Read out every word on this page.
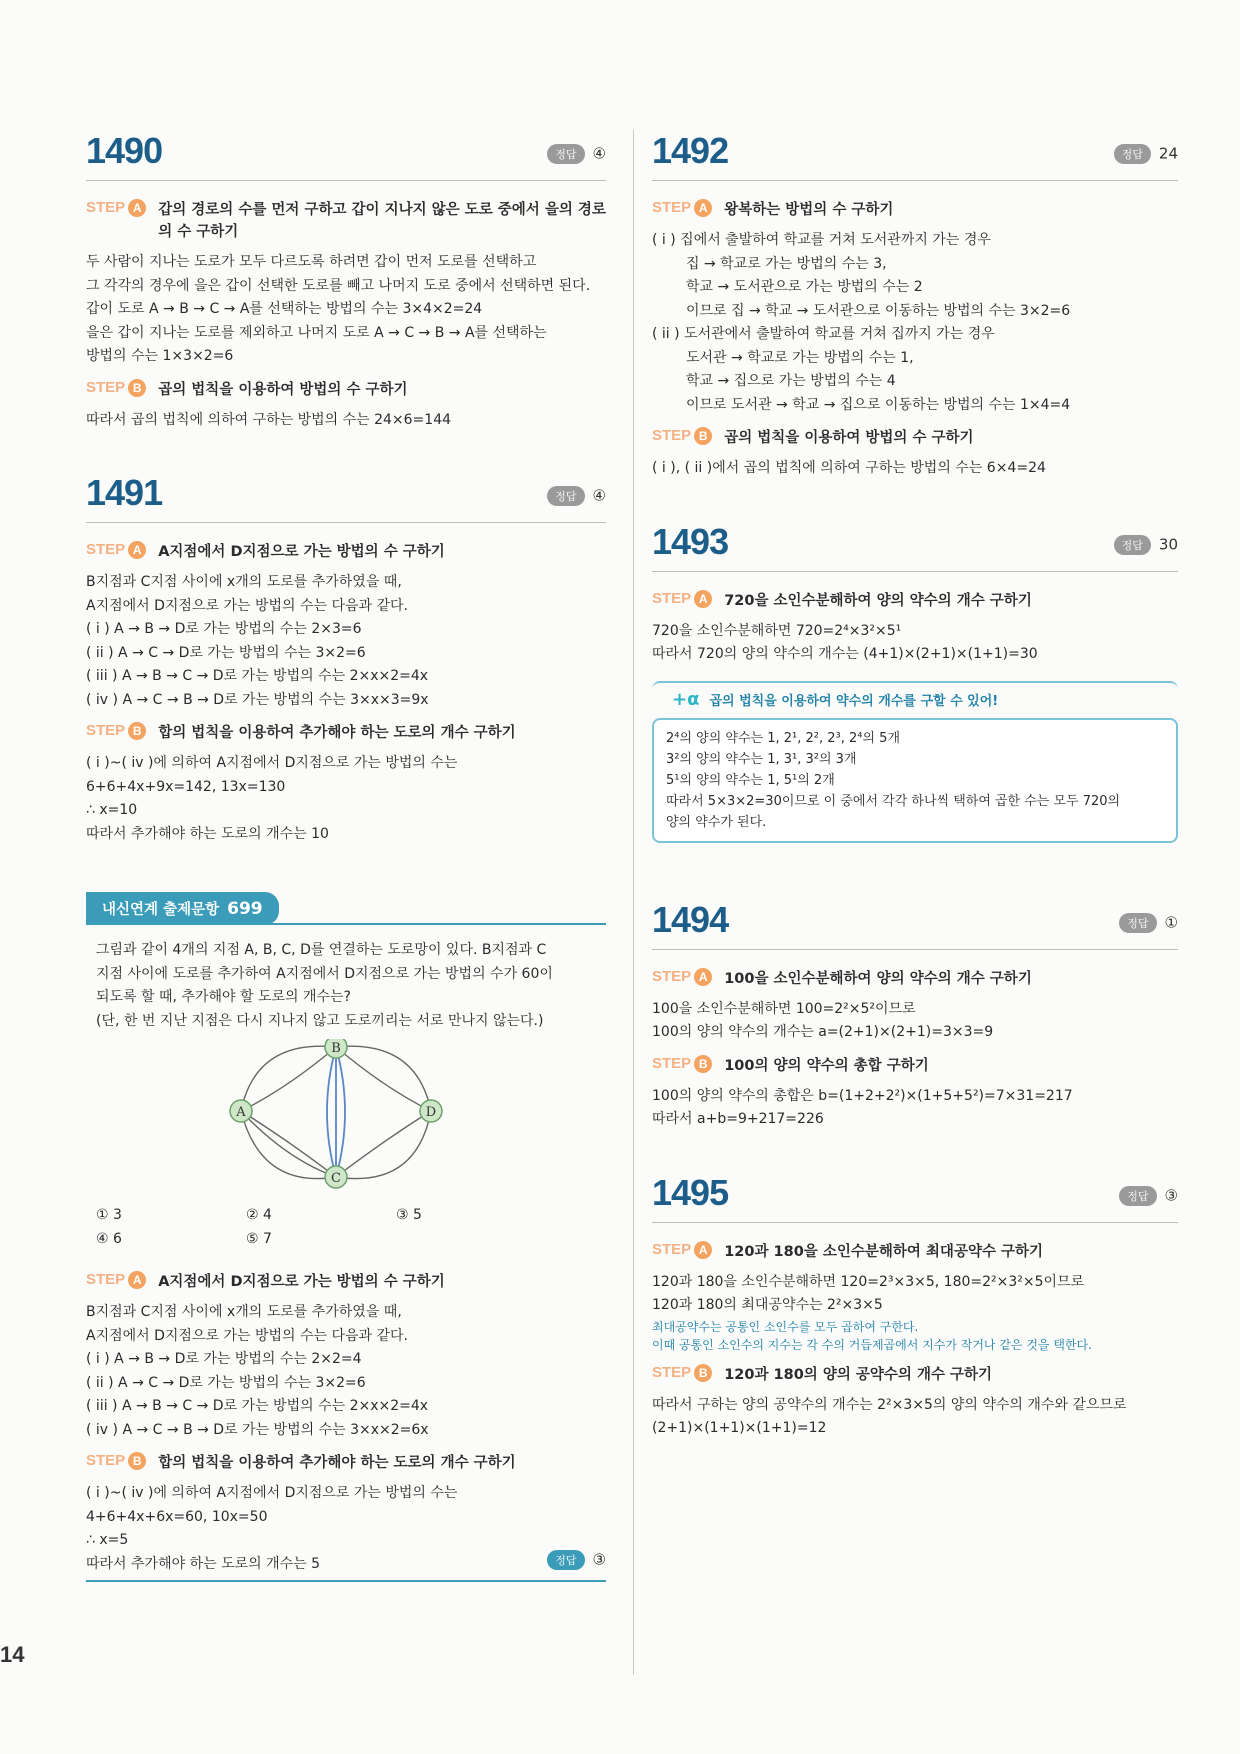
1490	정답 ④
STEP A	갑의 경로의 수를 먼저 구하고 갑이 지나지 않은 도로 중에서 을의 경로의 수 구하기

두 사람이 지나는 도로가 모두 다르도록 하려면 갑이 먼저 도로를 선택하고
그 각각의 경우에 을은 갑이 선택한 도로를 빼고 나머지 도로 중에서 선택하면 된다.
갑이 도로 A → B → C → A를 선택하는 방법의 수는 3×4×2=24
을은 갑이 지나는 도로를 제외하고 나머지 도로 A → C → B → A를 선택하는
방법의 수는 1×3×2=6

STEP B	곱의 법칙을 이용하여 방법의 수 구하기

따라서 곱의 법칙에 의하여 구하는 방법의 수는 24×6=144

1491	정답 ④
STEP A	A지점에서 D지점으로 가는 방법의 수 구하기

B지점과 C지점 사이에 x개의 도로를 추가하였을 때,
A지점에서 D지점으로 가는 방법의 수는 다음과 같다.
( i ) A → B → D로 가는 방법의 수는 2×3=6
( ii ) A → C → D로 가는 방법의 수는 3×2=6
( iii ) A → B → C → D로 가는 방법의 수는 2×x×2=4x
( iv ) A → C → B → D로 가는 방법의 수는 3×x×3=9x

STEP B	합의 법칙을 이용하여 추가해야 하는 도로의 개수 구하기

( i )~( iv )에 의하여 A지점에서 D지점으로 가는 방법의 수는
6+6+4x+9x=142, 13x=130
∴ x=10
따라서 추가해야 하는 도로의 개수는 10

내신연계 출제문항 699

그림과 같이 4개의 지점 A, B, C, D를 연결하는 도로망이 있다. B지점과 C
지점 사이에 도로를 추가하여 A지점에서 D지점으로 가는 방법의 수가 60이
되도록 할 때, 추가해야 할 도로의 개수는?
(단, 한 번 지난 지점은 다시 지나지 않고 도로끼리는 서로 만나지 않는다.)

A
B
C
D
① 3	② 4	③ 5
④ 6	⑤ 7
STEP A	A지점에서 D지점으로 가는 방법의 수 구하기

B지점과 C지점 사이에 x개의 도로를 추가하였을 때,
A지점에서 D지점으로 가는 방법의 수는 다음과 같다.
( i ) A → B → D로 가는 방법의 수는 2×2=4
( ii ) A → C → D로 가는 방법의 수는 3×2=6
( iii ) A → B → C → D로 가는 방법의 수는 2×x×2=4x
( iv ) A → C → B → D로 가는 방법의 수는 3×x×2=6x

STEP B	합의 법칙을 이용하여 추가해야 하는 도로의 개수 구하기

( i )~( iv )에 의하여 A지점에서 D지점으로 가는 방법의 수는
4+6+4x+6x=60, 10x=50
∴ x=5
따라서 추가해야 하는 도로의 개수는 5	정답 ③
1492	정답 24
STEP A	왕복하는 방법의 수 구하기

( i ) 집에서 출발하여 학교를 거쳐 도서관까지 가는 경우

집 → 학교로 가는 방법의 수는 3,
학교 → 도서관으로 가는 방법의 수는 2
이므로 집 → 학교 → 도서관으로 이동하는 방법의 수는 3×2=6

( ii ) 도서관에서 출발하여 학교를 거쳐 집까지 가는 경우

도서관 → 학교로 가는 방법의 수는 1,
학교 → 집으로 가는 방법의 수는 4
이므로 도서관 → 학교 → 집으로 이동하는 방법의 수는 1×4=4

STEP B	곱의 법칙을 이용하여 방법의 수 구하기

( i ), ( ii )에서 곱의 법칙에 의하여 구하는 방법의 수는 6×4=24

1493	정답 30
STEP A	720을 소인수분해하여 양의 약수의 개수 구하기

720을 소인수분해하면 720=2⁴×3²×5¹
따라서 720의 양의 약수의 개수는 (4+1)×(2+1)×(1+1)=30

+α 곱의 법칙을 이용하여 약수의 개수를 구할 수 있어!

2⁴의 양의 약수는 1, 2¹, 2², 2³, 2⁴의 5개
3²의 양의 약수는 1, 3¹, 3²의 3개
5¹의 양의 약수는 1, 5¹의 2개
따라서 5×3×2=30이므로 이 중에서 각각 하나씩 택하여 곱한 수는 모두 720의
양의 약수가 된다.

1494	정답 ①
STEP A	100을 소인수분해하여 양의 약수의 개수 구하기

100을 소인수분해하면 100=2²×5²이므로
100의 양의 약수의 개수는 a=(2+1)×(2+1)=3×3=9

STEP B	100의 양의 약수의 총합 구하기

100의 양의 약수의 총합은 b=(1+2+2²)×(1+5+5²)=7×31=217
따라서 a+b=9+217=226

1495	정답 ③
STEP A	120과 180을 소인수분해하여 최대공약수 구하기

120과 180을 소인수분해하면 120=2³×3×5, 180=2²×3²×5이므로
120과 180의 최대공약수는 2²×3×5

최대공약수는 공통인 소인수를 모두 곱하여 구한다.
이때 공통인 소인수의 지수는 각 수의 거듭제곱에서 지수가 작거나 같은 것을 택한다.

STEP B	120과 180의 양의 공약수의 개수 구하기

따라서 구하는 양의 공약수의 개수는 2²×3×5의 양의 약수의 개수와 같으므로
(2+1)×(1+1)×(1+1)=12

14
